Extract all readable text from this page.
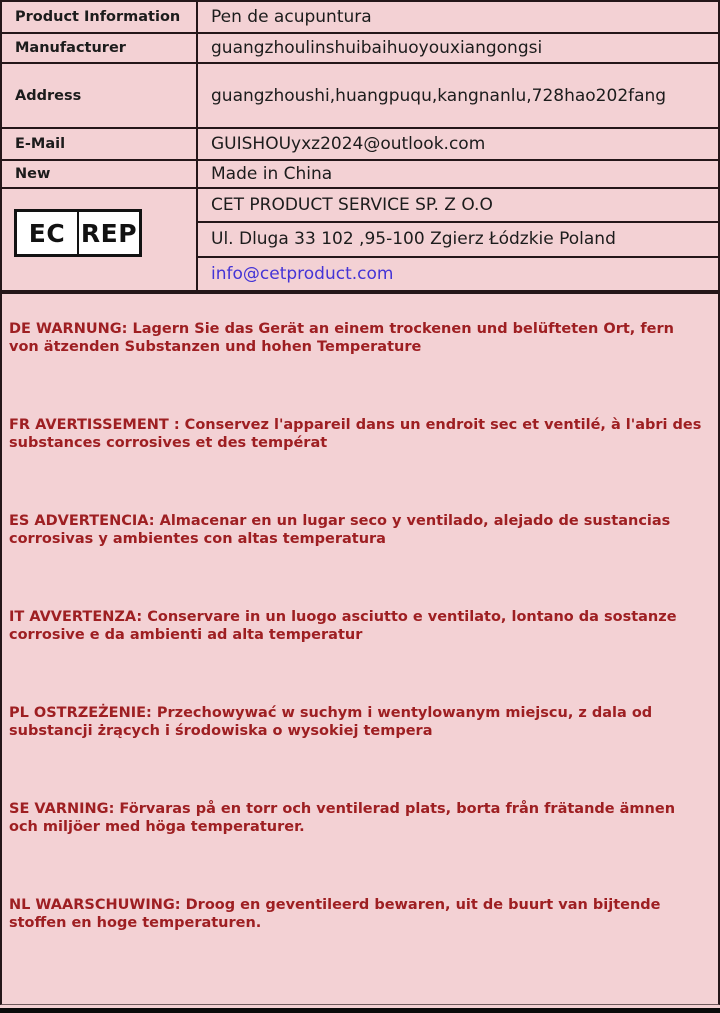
Product Information	Pen de acupuntura
Manufacturer	guangzhoulinshuibaihuoyouxiangongsi
Address	guangzhoushi,huangpuqu,kangnanlu,728hao202fang
E-Mail	GUISHOUyxz2024@outlook.com
New	Made in China
EC REP
CET PRODUCT SERVICE SP. Z O.O
Ul. Dluga 33 102 ,95-100 Zgierz Łódzkie Poland
info@cetproduct.com

DE WARNUNG: Lagern Sie das Gerät an einem trockenen und belüfteten Ort, fern von ätzenden Substanzen und hohen Temperature

FR AVERTISSEMENT : Conservez l'appareil dans un endroit sec et ventilé, à l'abri des substances corrosives et des températ

ES ADVERTENCIA: Almacenar en un lugar seco y ventilado, alejado de sustancias corrosivas y ambientes con altas temperatura

IT AVVERTENZA: Conservare in un luogo asciutto e ventilato, lontano da sostanze corrosive e da ambienti ad alta temperatur

PL OSTRZEŻENIE: Przechowywać w suchym i wentylowanym miejscu, z dala od substancji żrących i środowiska o wysokiej tempera

SE VARNING: Förvaras på en torr och ventilerad plats, borta från frätande ämnen och miljöer med höga temperaturer.

NL WAARSCHUWING: Droog en geventileerd bewaren, uit de buurt van bijtende stoffen en hoge temperaturen.
